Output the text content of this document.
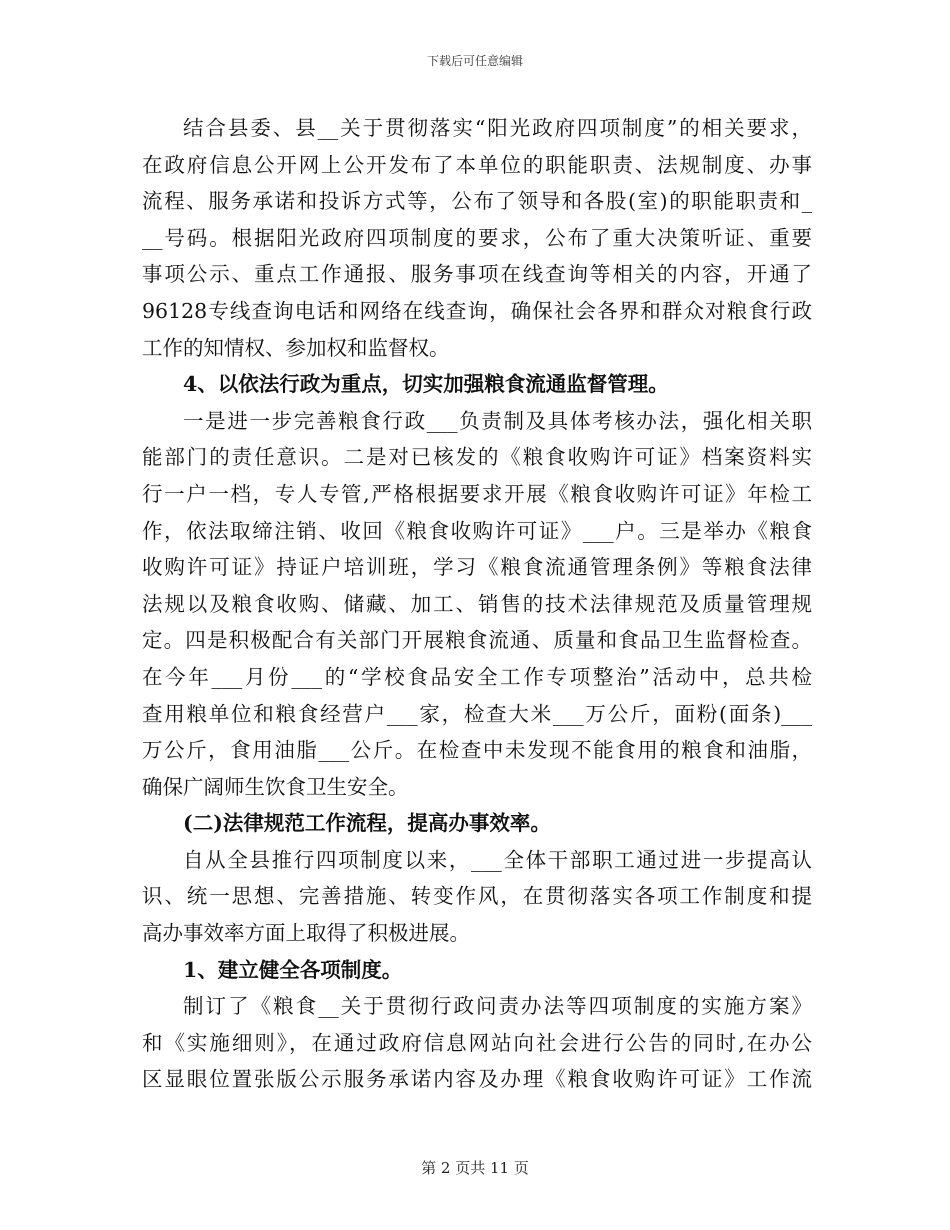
下载后可任意编辑
结合县委、县__关于贯彻落实“阳光政府四项制度”的相关要求，
在政府信息公开网上公开发布了本单位的职能职责、法规制度、办事
流程、服务承诺和投诉方式等，公布了领导和各股(室)的职能职责和_
__号码。根据阳光政府四项制度的要求，公布了重大决策听证、重要
事项公示、重点工作通报、服务事项在线查询等相关的内容，开通了
96128专线查询电话和网络在线查询，确保社会各界和群众对粮食行政
工作的知情权、参加权和监督权。
4、以依法行政为重点，切实加强粮食流通监督管理。
一是进一步完善粮食行政___负责制及具体考核办法，强化相关职
能部门的责任意识。二是对已核发的《粮食收购许可证》档案资料实
行一户一档，专人专管,严格根据要求开展《粮食收购许可证》年检工
作，依法取缔注销、收回《粮食收购许可证》___户。三是举办《粮食
收购许可证》持证户培训班，学习《粮食流通管理条例》等粮食法律
法规以及粮食收购、储藏、加工、销售的技术法律规范及质量管理规
定。四是积极配合有关部门开展粮食流通、质量和食品卫生监督检查。
在今年___月份___的“学校食品安全工作专项整治”活动中，总共检
查用粮单位和粮食经营户___家，检查大米___万公斤，面粉(面条)___
万公斤，食用油脂___公斤。在检查中未发现不能食用的粮食和油脂，
确保广阔师生饮食卫生安全。
(二)法律规范工作流程，提高办事效率。
自从全县推行四项制度以来，___全体干部职工通过进一步提高认
识、统一思想、完善措施、转变作风，在贯彻落实各项工作制度和提
高办事效率方面上取得了积极进展。
1、建立健全各项制度。
制订了《粮食__关于贯彻行政问责办法等四项制度的实施方案》
和《实施细则》，在通过政府信息网站向社会进行公告的同时,在办公
区显眼位置张版公示服务承诺内容及办理《粮食收购许可证》工作流
第 2 页共 11 页
